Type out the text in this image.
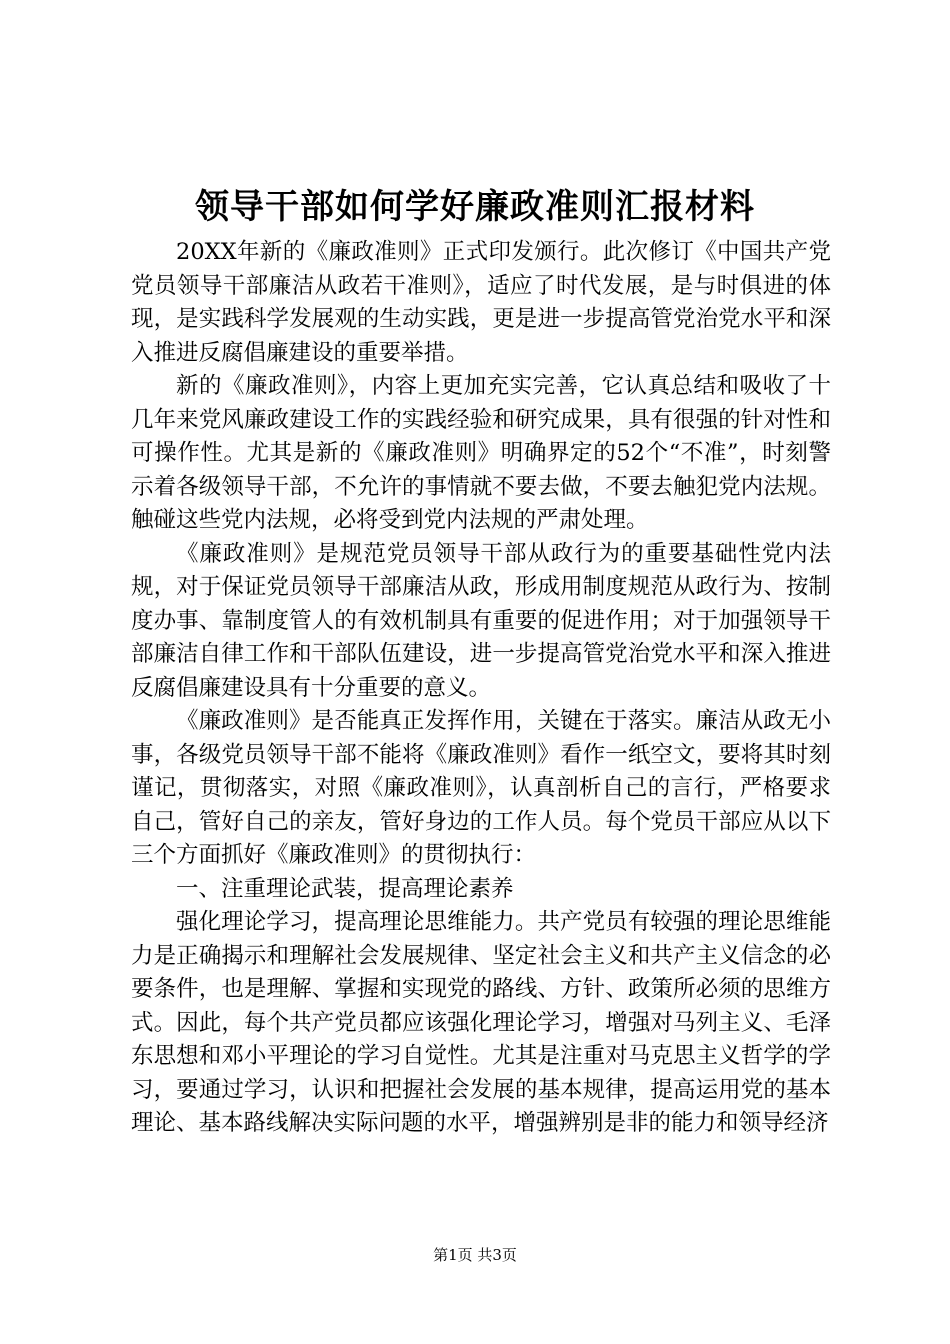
领导干部如何学好廉政准则汇报材料

20XX年新的《廉政准则》正式印发颁行。此次修订《中国共产党党员领导干部廉洁从政若干准则》，适应了时代发展，是与时俱进的体现，是实践科学发展观的生动实践，更是进一步提高管党治党水平和深入推进反腐倡廉建设的重要举措。

新的《廉政准则》，内容上更加充实完善，它认真总结和吸收了十几年来党风廉政建设工作的实践经验和研究成果，具有很强的针对性和可操作性。尤其是新的《廉政准则》明确界定的52个“不准”，时刻警示着各级领导干部，不允许的事情就不要去做，不要去触犯党内法规。触碰这些党内法规，必将受到党内法规的严肃处理。

《廉政准则》是规范党员领导干部从政行为的重要基础性党内法规，对于保证党员领导干部廉洁从政，形成用制度规范从政行为、按制度办事、靠制度管人的有效机制具有重要的促进作用；对于加强领导干部廉洁自律工作和干部队伍建设，进一步提高管党治党水平和深入推进反腐倡廉建设具有十分重要的意义。

《廉政准则》是否能真正发挥作用，关键在于落实。廉洁从政无小事，各级党员领导干部不能将《廉政准则》看作一纸空文，要将其时刻谨记，贯彻落实，对照《廉政准则》，认真剖析自己的言行，严格要求自己，管好自己的亲友，管好身边的工作人员。每个党员干部应从以下三个方面抓好《廉政准则》的贯彻执行：

一、注重理论武装，提高理论素养

强化理论学习，提高理论思维能力。共产党员有较强的理论思维能力是正确揭示和理解社会发展规律、坚定社会主义和共产主义信念的必要条件，也是理解、掌握和实现党的路线、方针、政策所必须的思维方式。因此，每个共产党员都应该强化理论学习，增强对马列主义、毛泽东思想和邓小平理论的学习自觉性。尤其是注重对马克思主义哲学的学习，要通过学习，认识和把握社会发展的基本规律，提高运用党的基本理论、基本路线解决实际问题的水平，增强辨别是非的能力和领导经济

第1页 共3页
